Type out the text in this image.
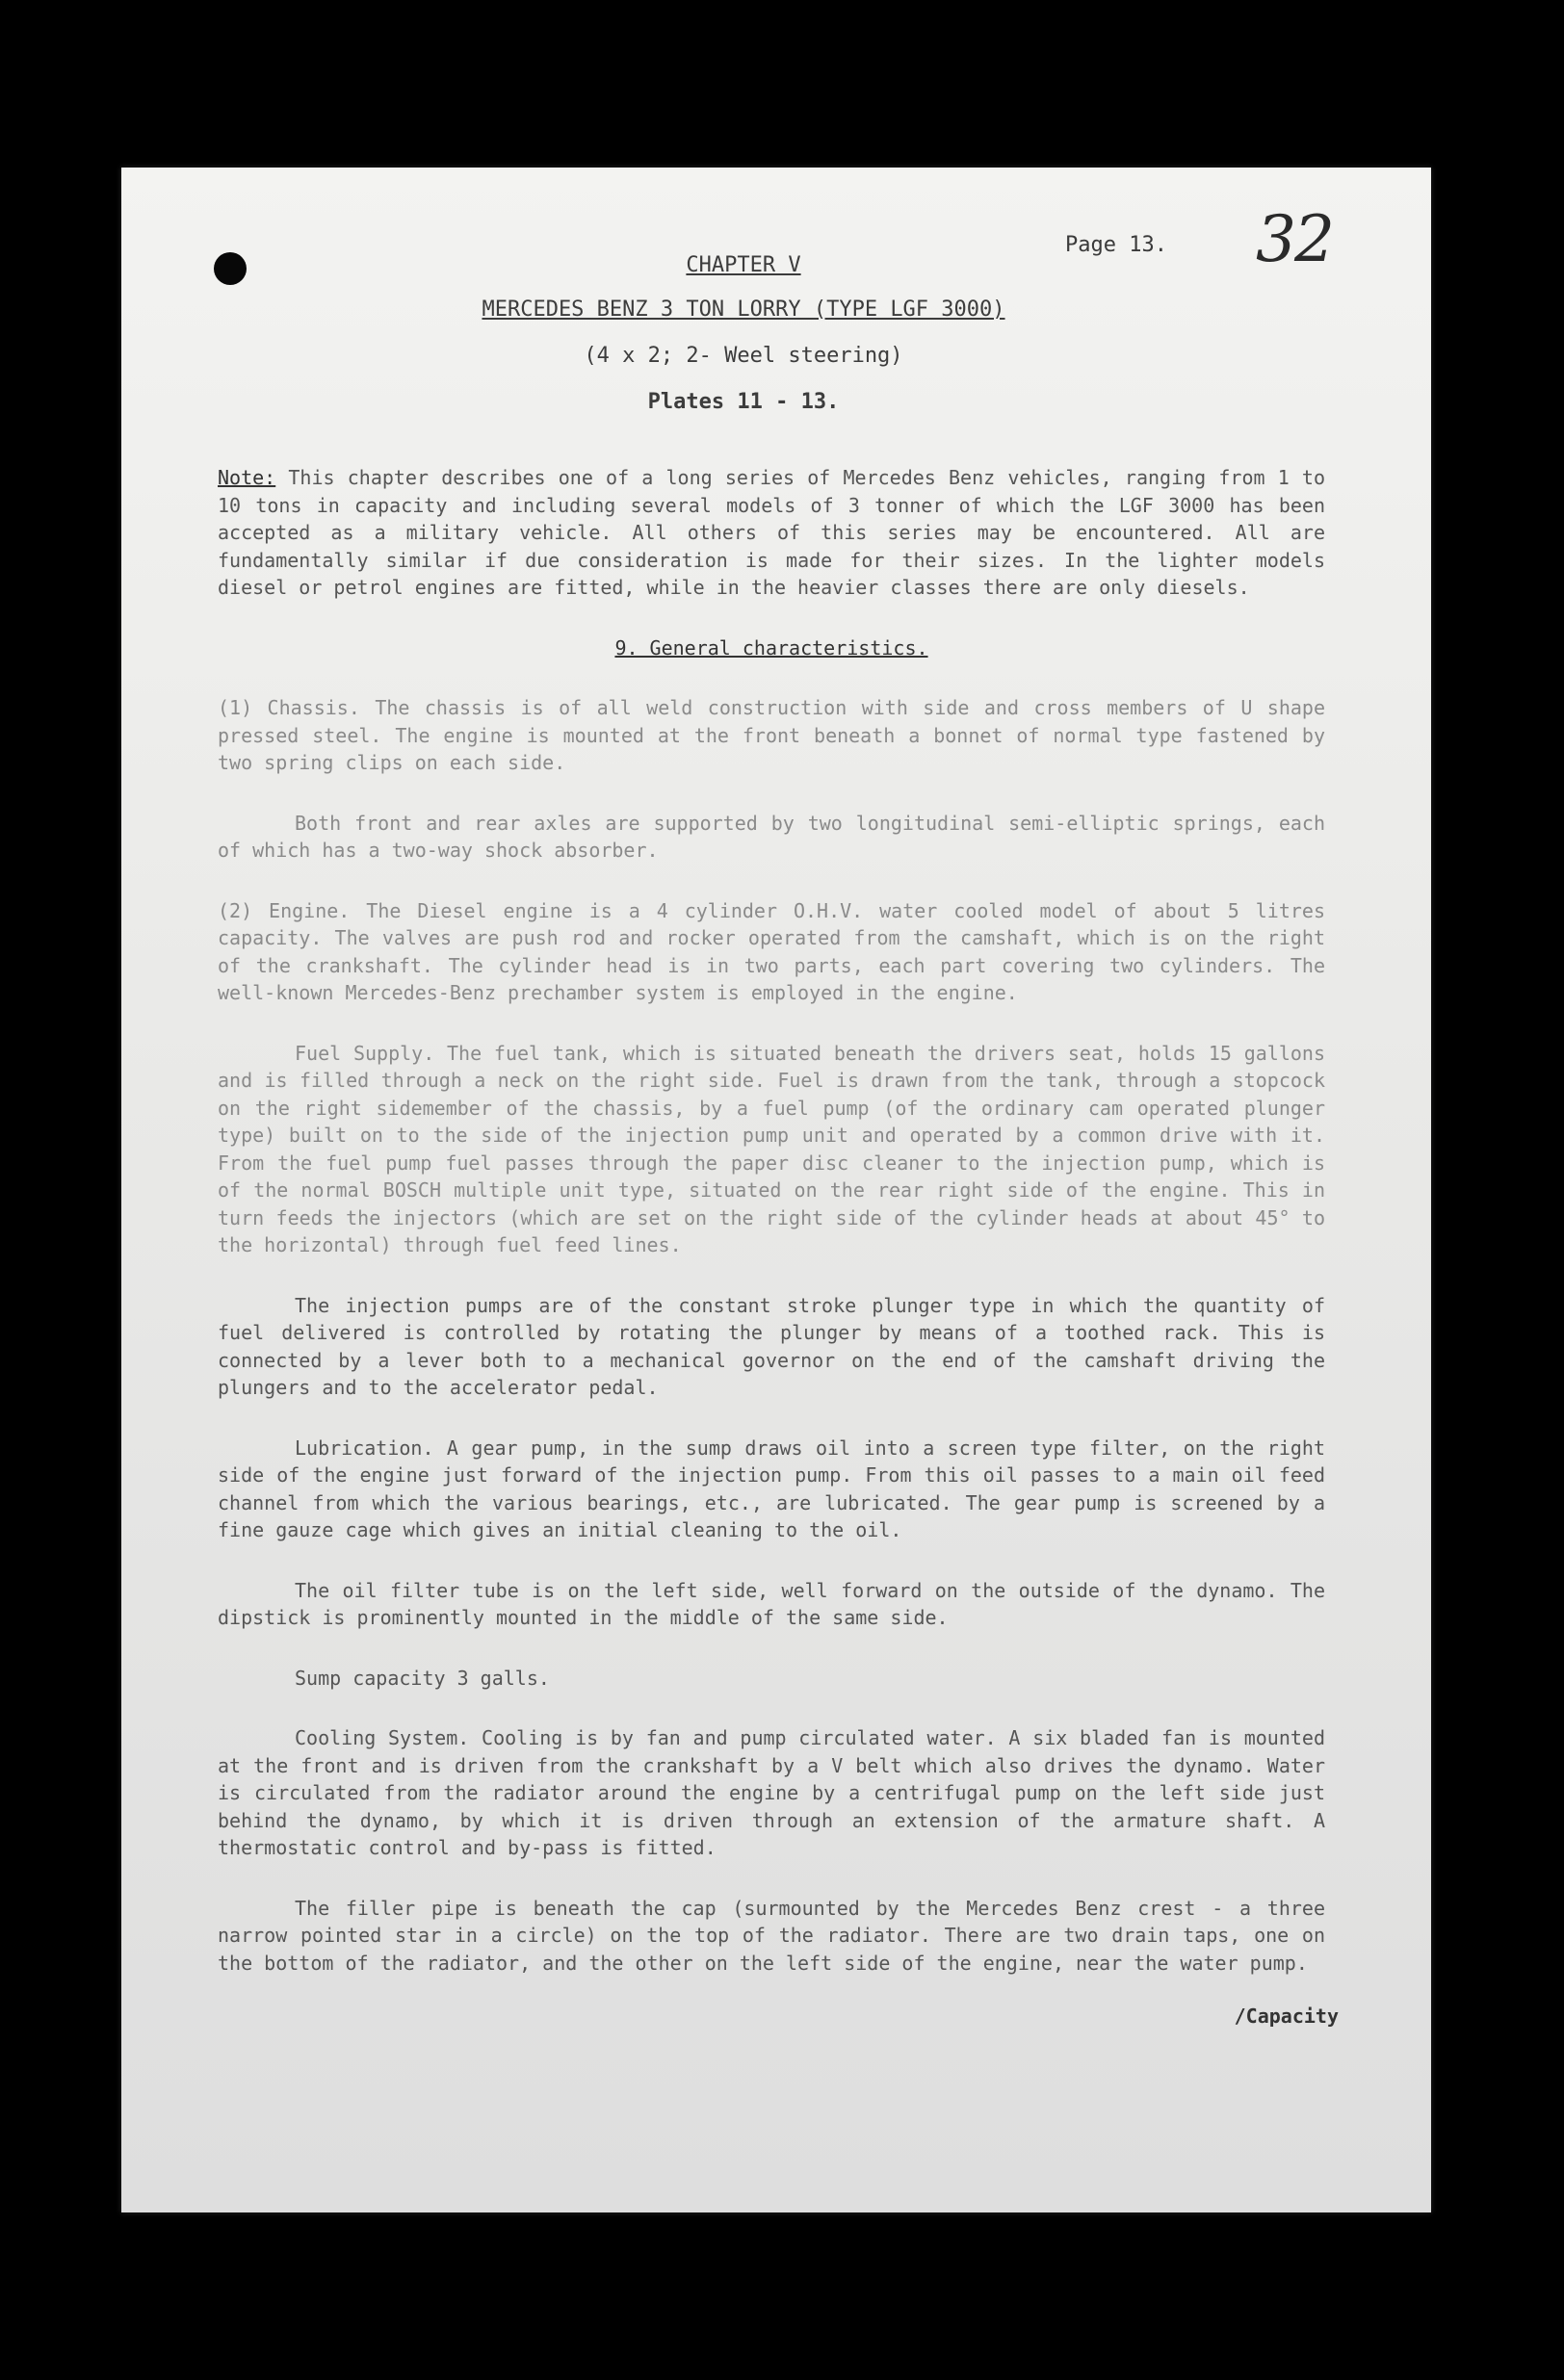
Page 13. 32
CHAPTER V
MERCEDES BENZ 3 TON LORRY (TYPE LGF 3000)
(4 x 2; 2- Weel steering)
Plates 11 - 13.

Note: This chapter describes one of a long series of Mercedes Benz vehicles, ranging from 1 to 10 tons in capacity and including several models of 3 tonner of which the LGF 3000 has been accepted as a military vehicle. All others of this series may be encountered. All are fundamentally similar if due consideration is made for their sizes. In the lighter models diesel or petrol engines are fitted, while in the heavier classes there are only diesels.

9. General characteristics.

(1) Chassis. The chassis is of all weld construction with side and cross members of U shape pressed steel. The engine is mounted at the front beneath a bonnet of normal type fastened by two spring clips on each side.

Both front and rear axles are supported by two longitudinal semi-elliptic springs, each of which has a two-way shock absorber.

(2) Engine. The Diesel engine is a 4 cylinder O.H.V. water cooled model of about 5 litres capacity. The valves are push rod and rocker operated from the camshaft, which is on the right of the crankshaft. The cylinder head is in two parts, each part covering two cylinders. The well-known Mercedes-Benz prechamber system is employed in the engine.

Fuel Supply. The fuel tank, which is situated beneath the drivers seat, holds 15 gallons and is filled through a neck on the right side. Fuel is drawn from the tank, through a stopcock on the right sidemember of the chassis, by a fuel pump (of the ordinary cam operated plunger type) built on to the side of the injection pump unit and operated by a common drive with it. From the fuel pump fuel passes through the paper disc cleaner to the injection pump, which is of the normal BOSCH multiple unit type, situated on the rear right side of the engine. This in turn feeds the injectors (which are set on the right side of the cylinder heads at about 45° to the horizontal) through fuel feed lines.

The injection pumps are of the constant stroke plunger type in which the quantity of fuel delivered is controlled by rotating the plunger by means of a toothed rack. This is connected by a lever both to a mechanical governor on the end of the camshaft driving the plungers and to the accelerator pedal.

Lubrication. A gear pump, in the sump draws oil into a screen type filter, on the right side of the engine just forward of the injection pump. From this oil passes to a main oil feed channel from which the various bearings, etc., are lubricated. The gear pump is screened by a fine gauze cage which gives an initial cleaning to the oil.

The oil filter tube is on the left side, well forward on the outside of the dynamo. The dipstick is prominently mounted in the middle of the same side.

Sump capacity 3 galls.

Cooling System. Cooling is by fan and pump circulated water. A six bladed fan is mounted at the front and is driven from the crankshaft by a V belt which also drives the dynamo. Water is circulated from the radiator around the engine by a centrifugal pump on the left side just behind the dynamo, by which it is driven through an extension of the armature shaft. A thermostatic control and by-pass is fitted.

The filler pipe is beneath the cap (surmounted by the Mercedes Benz crest - a three narrow pointed star in a circle) on the top of the radiator. There are two drain taps, one on the bottom of the radiator, and the other on the left side of the engine, near the water pump.

/Capacity
